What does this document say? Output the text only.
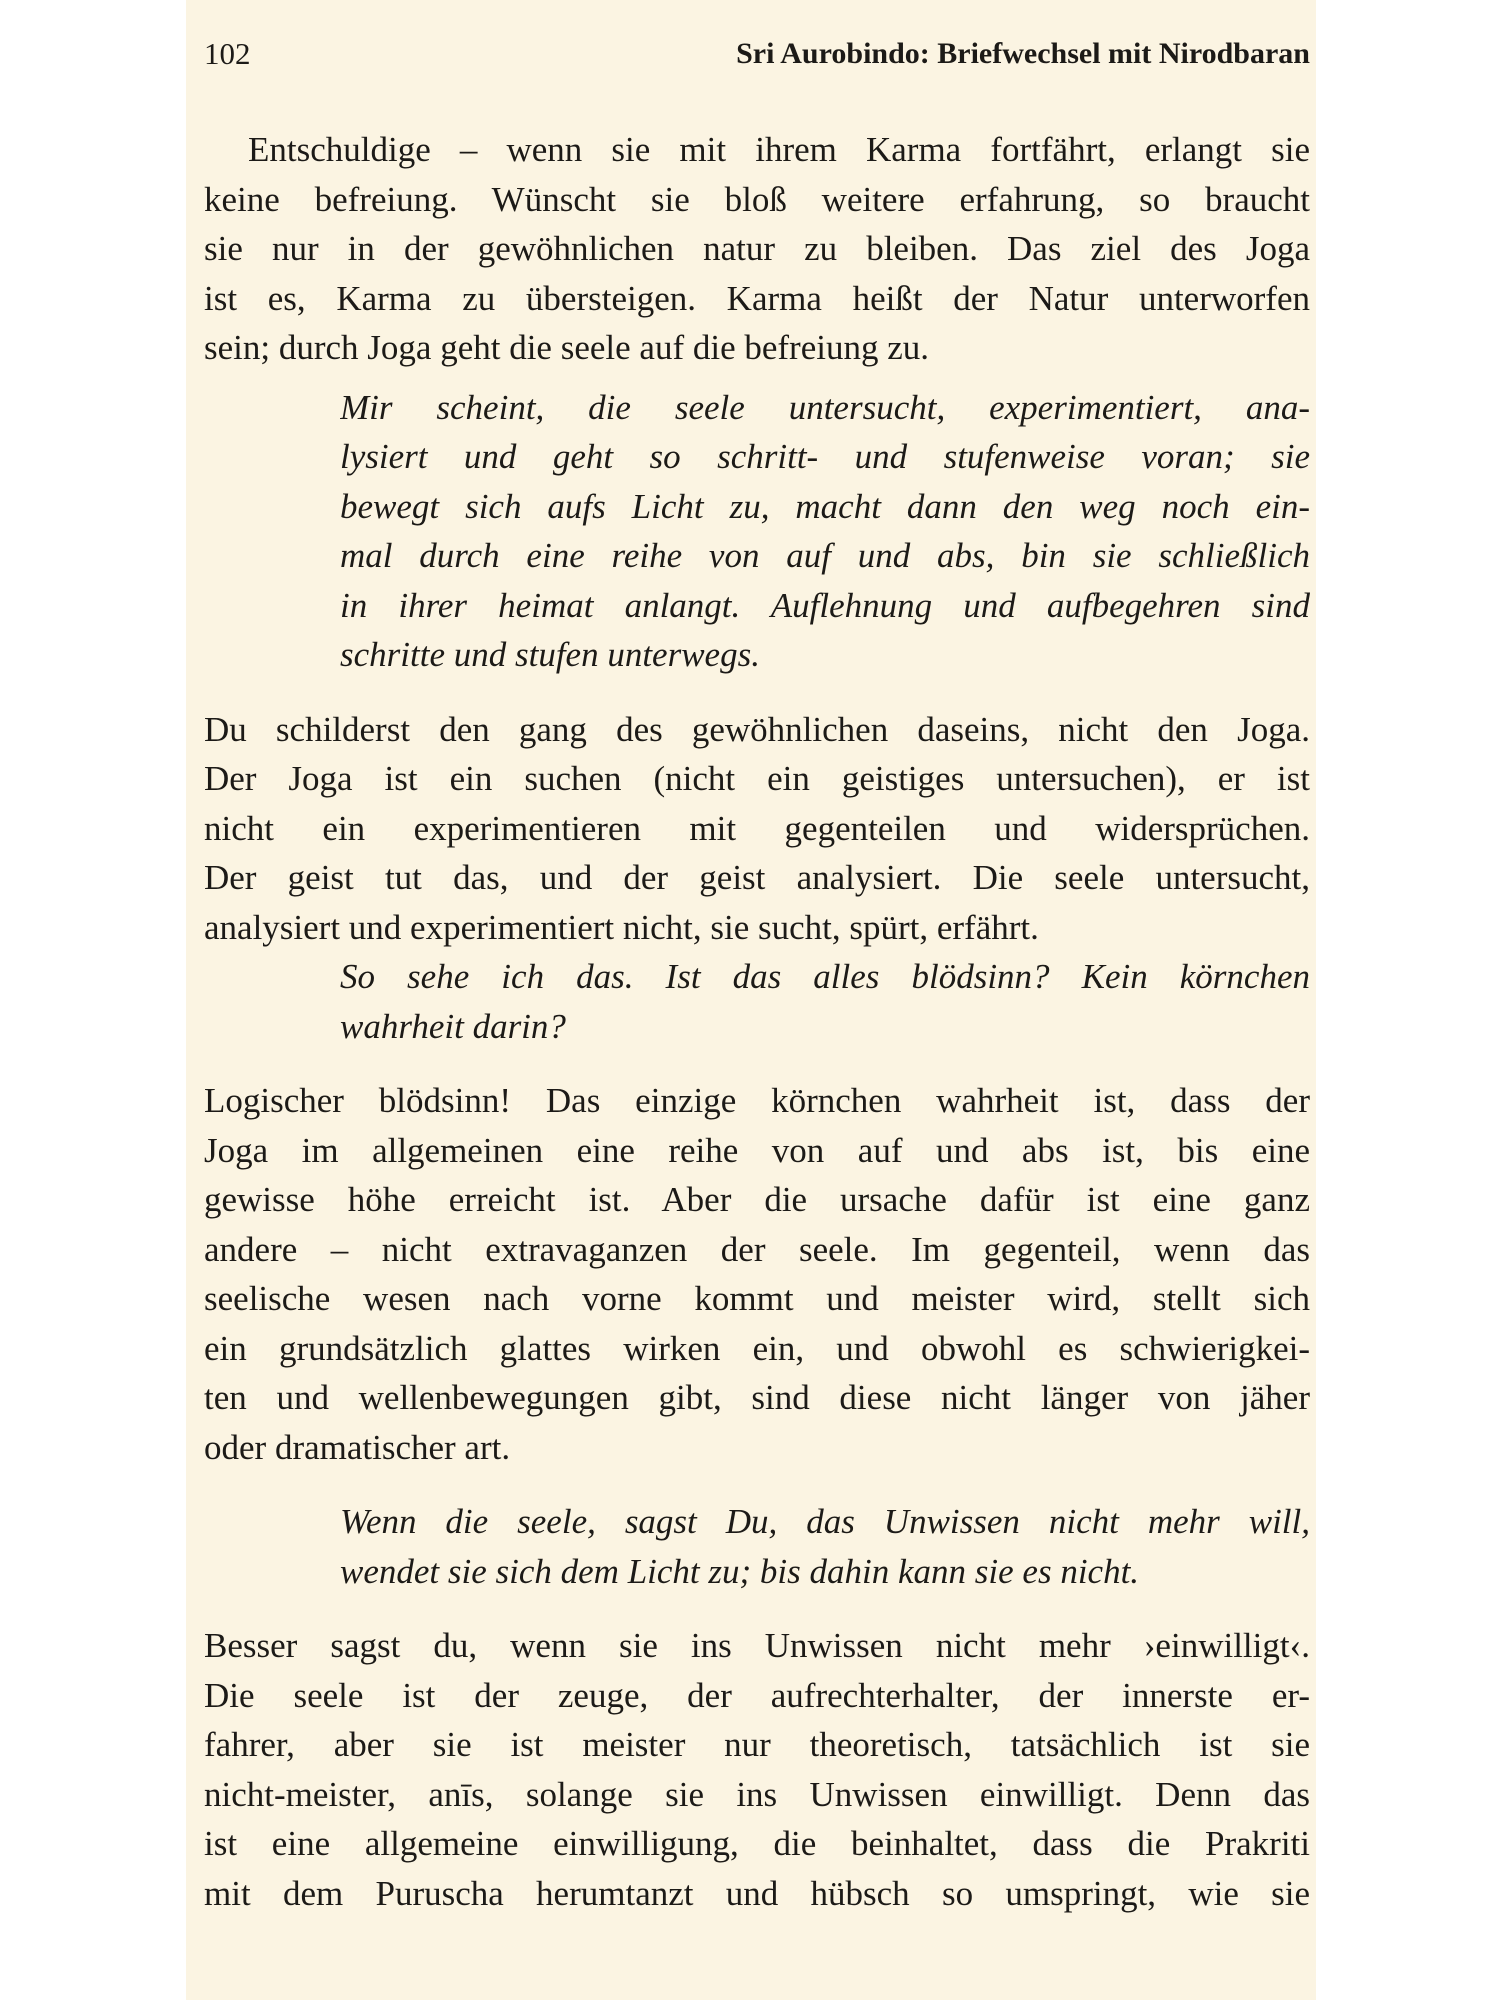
102	Sri Aurobindo: Briefwechsel mit Nirodbaran
Entschuldige – wenn sie mit ihrem Karma fortfährt, erlangt sie
keine befreiung. Wünscht sie bloß weitere erfahrung, so braucht
sie nur in der gewöhnlichen natur zu bleiben. Das ziel des Joga
ist es, Karma zu übersteigen. Karma heißt der Natur unterworfen
sein; durch Joga geht die seele auf die befreiung zu.
Mir scheint, die seele untersucht, experimentiert, ana-
lysiert und geht so schritt- und stufenweise voran; sie
bewegt sich aufs Licht zu, macht dann den weg noch ein-
mal durch eine reihe von auf und abs, bin sie schließlich
in ihrer heimat anlangt. Auflehnung und aufbegehren sind
schritte und stufen unterwegs.
Du schilderst den gang des gewöhnlichen daseins, nicht den Joga.
Der Joga ist ein suchen (nicht ein geistiges untersuchen), er ist
nicht ein experimentieren mit gegenteilen und widersprüchen.
Der geist tut das, und der geist analysiert. Die seele untersucht,
analysiert und experimentiert nicht, sie sucht, spürt, erfährt.
So sehe ich das. Ist das alles blödsinn? Kein körnchen
wahrheit darin?
Logischer blödsinn! Das einzige körnchen wahrheit ist, dass der
Joga im allgemeinen eine reihe von auf und abs ist, bis eine
gewisse höhe erreicht ist. Aber die ursache dafür ist eine ganz
andere – nicht extravaganzen der seele. Im gegenteil, wenn das
seelische wesen nach vorne kommt und meister wird, stellt sich
ein grundsätzlich glattes wirken ein, und obwohl es schwierigkei-
ten und wellenbewegungen gibt, sind diese nicht länger von jäher
oder dramatischer art.
Wenn die seele, sagst Du, das Unwissen nicht mehr will,
wendet sie sich dem Licht zu; bis dahin kann sie es nicht.
Besser sagst du, wenn sie ins Unwissen nicht mehr ›einwilligt‹.
Die seele ist der zeuge, der aufrechterhalter, der innerste er-
fahrer, aber sie ist meister nur theoretisch, tatsächlich ist sie
nicht-meister, anīs, solange sie ins Unwissen einwilligt. Denn das
ist eine allgemeine einwilligung, die beinhaltet, dass die Prakriti
mit dem Puruscha herumtanzt und hübsch so umspringt, wie sie
